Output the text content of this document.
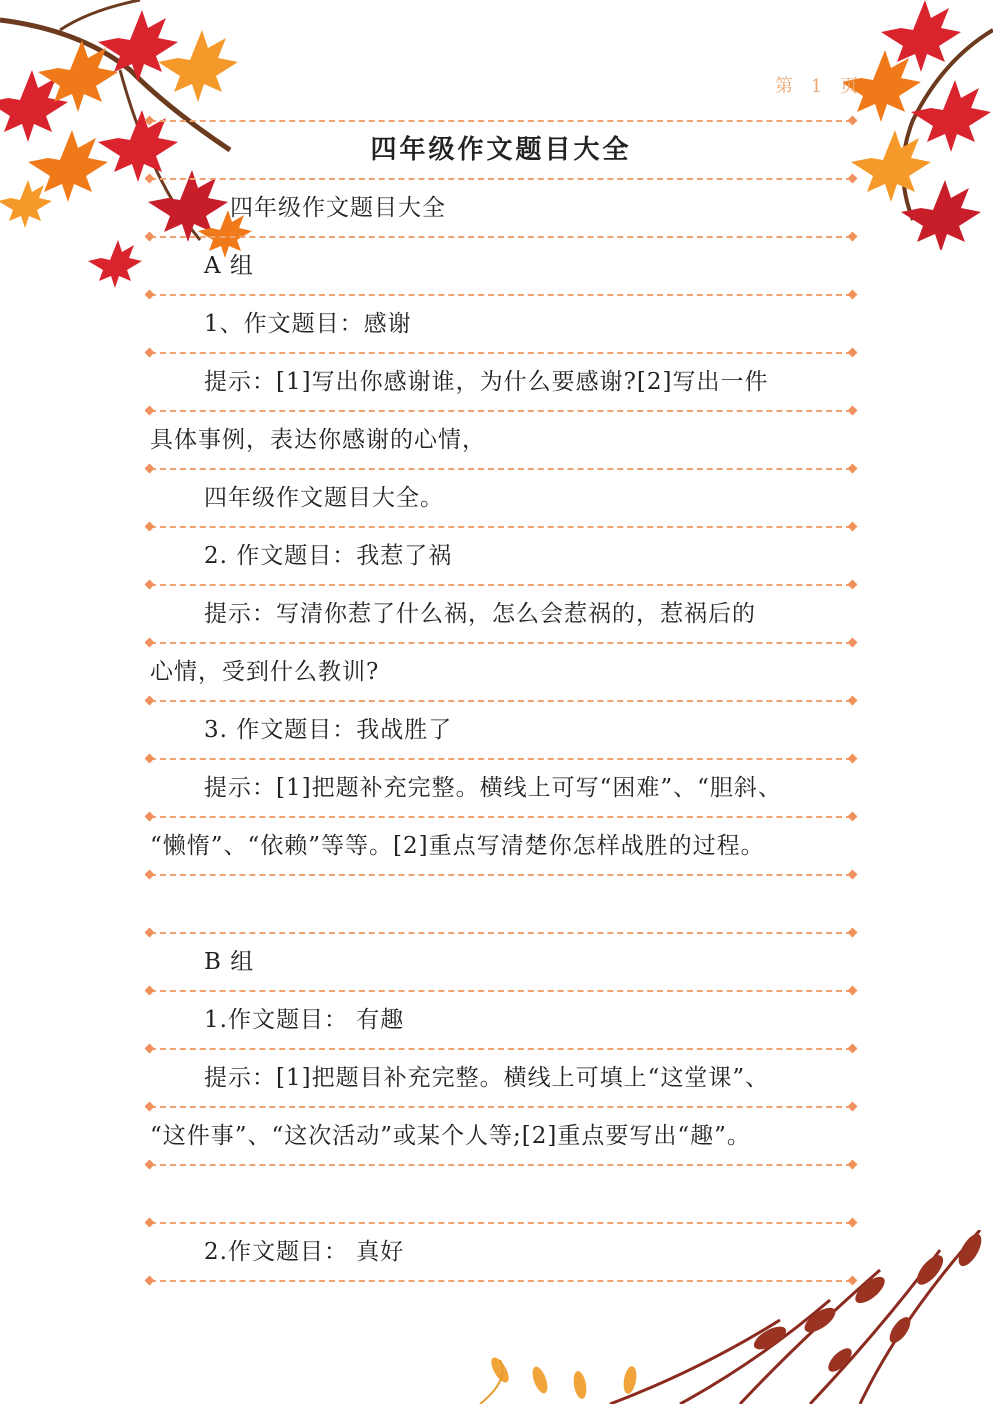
第 1 页
四年级作文题目大全
四年级作文题目大全
A 组
1、作文题目：感谢
提示：[1]写出你感谢谁，为什么要感谢?[2]写出一件
具体事例，表达你感谢的心情，
四年级作文题目大全。
2. 作文题目：我惹了祸
提示：写清你惹了什么祸，怎么会惹祸的，惹祸后的
心情，受到什么教训?
3. 作文题目：我战胜了
提示：[1]把题补充完整。横线上可写“困难”、“胆斜、
“懒惰”、“依赖”等等。[2]重点写清楚你怎样战胜的过程。
B 组
1.作文题目： 有趣
提示：[1]把题目补充完整。横线上可填上“这堂课”、
“这件事”、“这次活动”或某个人等;[2]重点要写出“趣”。
2.作文题目： 真好
